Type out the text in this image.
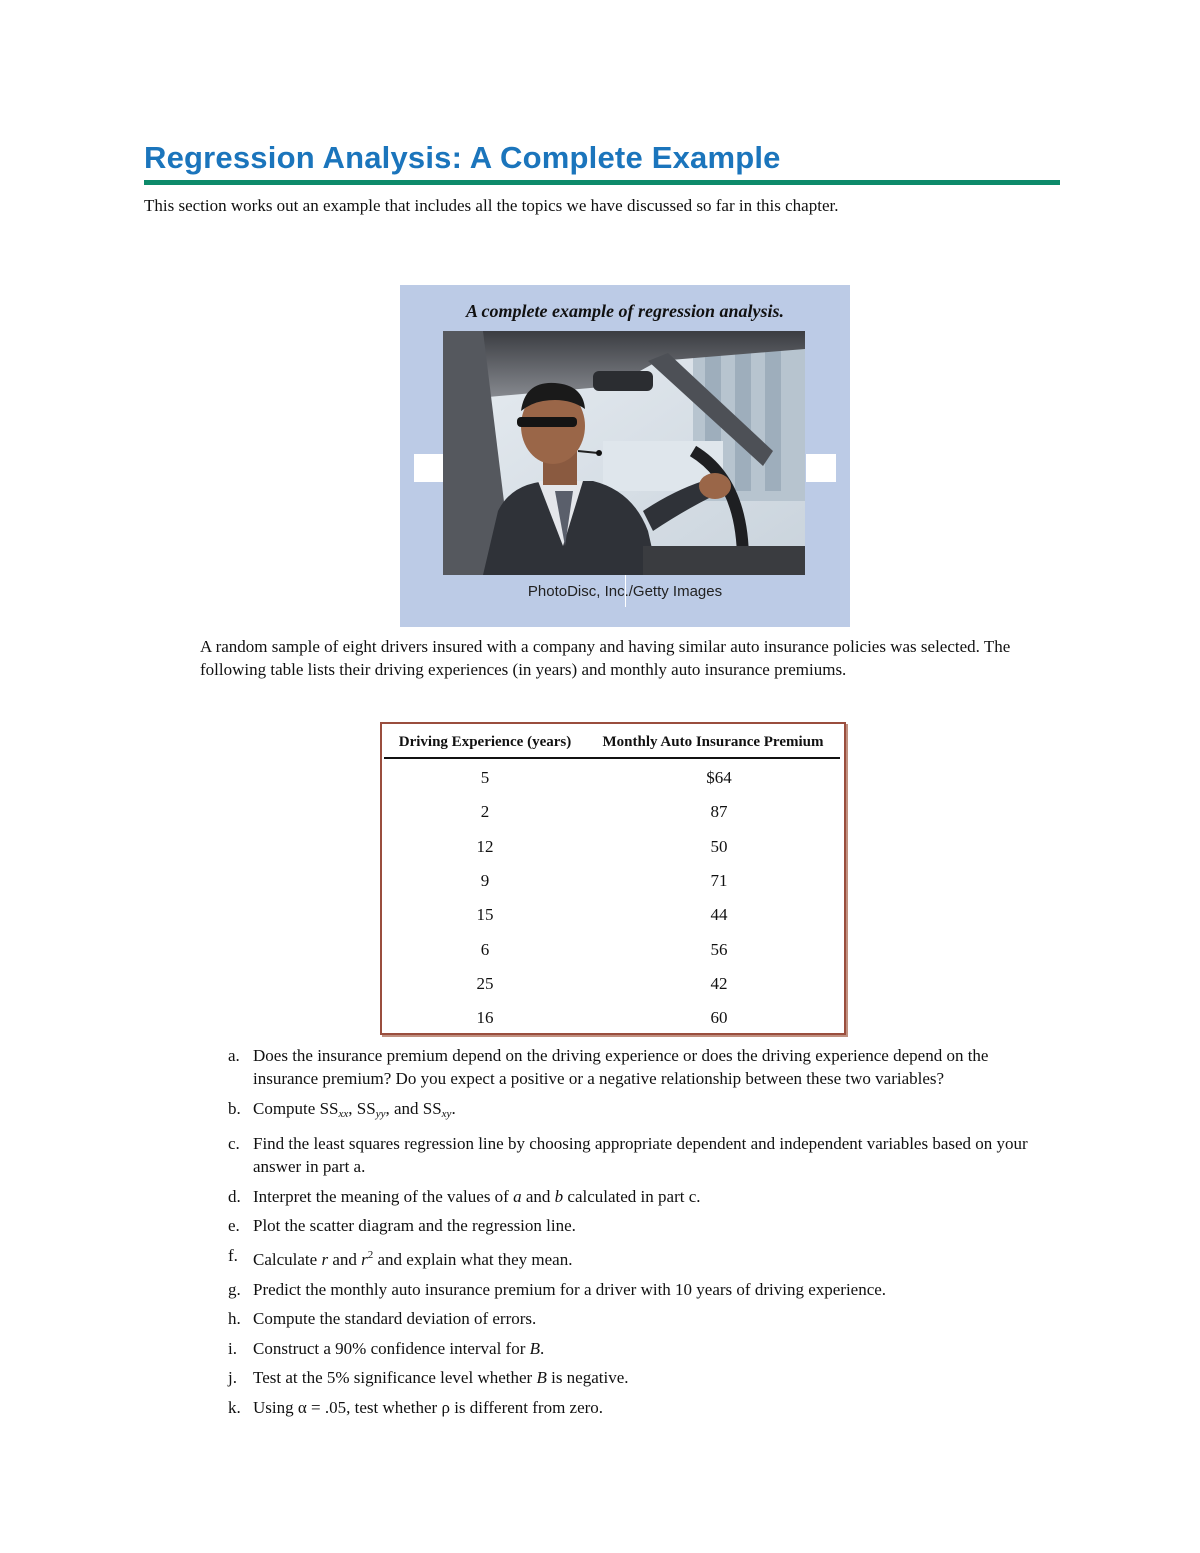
Regression Analysis: A Complete Example

This section works out an example that includes all the topics we have discussed so far in this chapter.

A complete example of regression analysis.
PhotoDisc, Inc./Getty Images

A random sample of eight drivers insured with a company and having similar auto insurance policies was selected. The following table lists their driving experiences (in years) and monthly auto insurance premiums.

Driving Experience (years)	Monthly Auto Insurance Premium
5	$64
2	87
12	50
9	71
15	44
6	56
25	42
16	60
a. Does the insurance premium depend on the driving experience or does the driving experience depend on the insurance premium? Do you expect a positive or a negative relationship between these two variables?
b. Compute $SS_{xx}$, $SS_{yy}$, and $SS_{xy}$.
c. Find the least squares regression line by choosing appropriate dependent and independent variables based on your answer in part a.
d. Interpret the meaning of the values of a and b calculated in part c.
e. Plot the scatter diagram and the regression line.
f. Calculate r and $r^2$ and explain what they mean.
g. Predict the monthly auto insurance premium for a driver with 10 years of driving experience.
h. Compute the standard deviation of errors.
i. Construct a 90% confidence interval for B.
j. Test at the 5% significance level whether B is negative.
k. Using α = .05, test whether ρ is different from zero.
